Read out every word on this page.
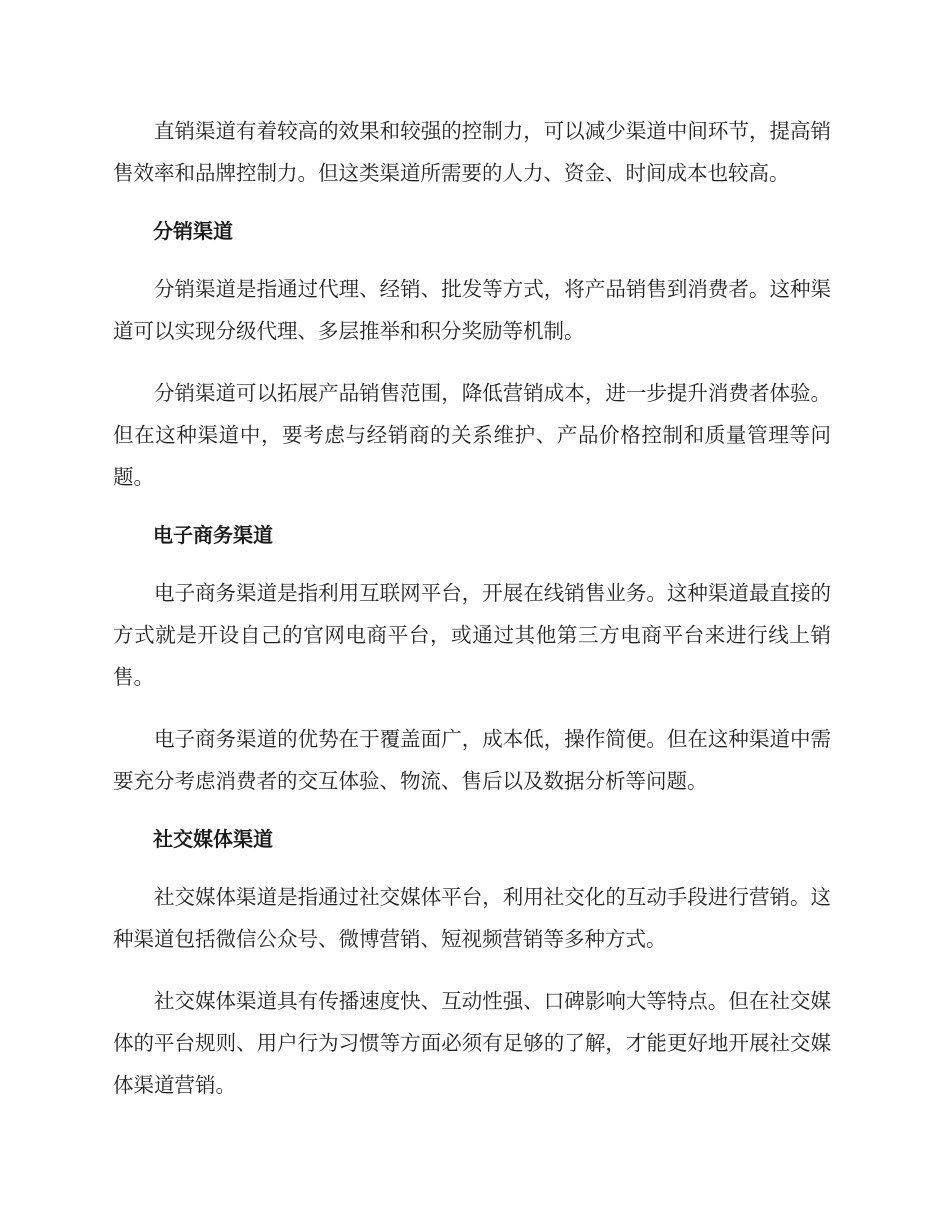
直销渠道有着较高的效果和较强的控制力，可以减少渠道中间环节，提高销售效率和品牌控制力。但这类渠道所需要的人力、资金、时间成本也较高。

分销渠道

分销渠道是指通过代理、经销、批发等方式，将产品销售到消费者。这种渠道可以实现分级代理、多层推举和积分奖励等机制。

分销渠道可以拓展产品销售范围，降低营销成本，进一步提升消费者体验。但在这种渠道中，要考虑与经销商的关系维护、产品价格控制和质量管理等问题。

电子商务渠道

电子商务渠道是指利用互联网平台，开展在线销售业务。这种渠道最直接的方式就是开设自己的官网电商平台，或通过其他第三方电商平台来进行线上销售。

电子商务渠道的优势在于覆盖面广，成本低，操作简便。但在这种渠道中需要充分考虑消费者的交互体验、物流、售后以及数据分析等问题。

社交媒体渠道

社交媒体渠道是指通过社交媒体平台，利用社交化的互动手段进行营销。这种渠道包括微信公众号、微博营销、短视频营销等多种方式。

社交媒体渠道具有传播速度快、互动性强、口碑影响大等特点。但在社交媒体的平台规则、用户行为习惯等方面必须有足够的了解，才能更好地开展社交媒体渠道营销。
